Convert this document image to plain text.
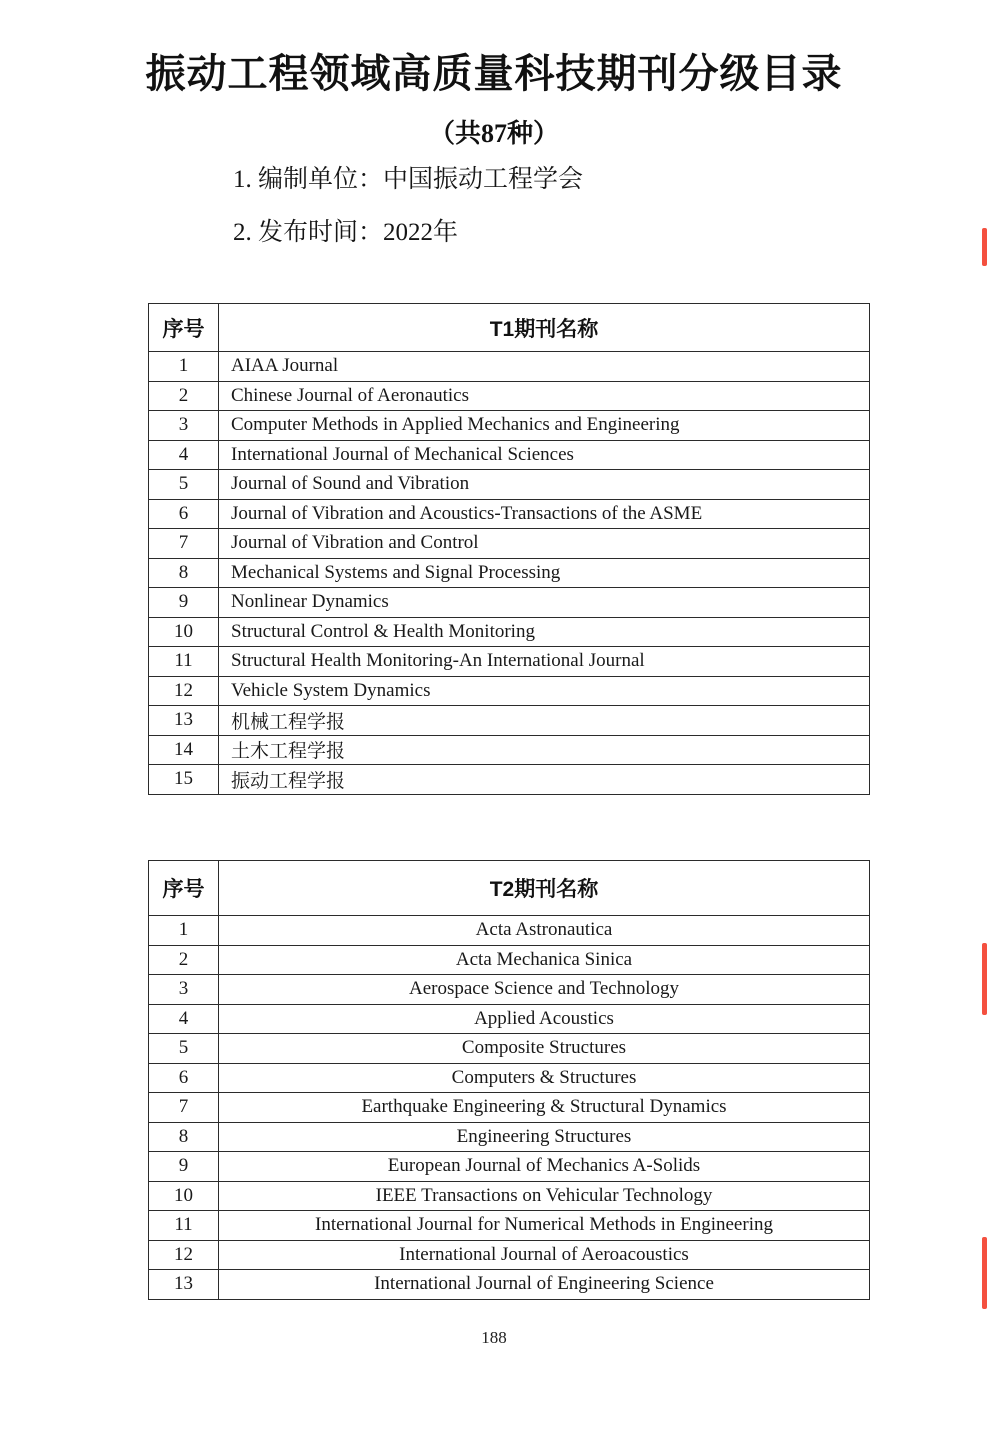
振动工程领域高质量科技期刊分级目录
（共87种）
1. 编制单位：中国振动工程学会
2. 发布时间：2022年
序号	T1期刊名称
1	AIAA Journal
2	Chinese Journal of Aeronautics
3	Computer Methods in Applied Mechanics and Engineering
4	International Journal of Mechanical Sciences
5	Journal of Sound and Vibration
6	Journal of Vibration and Acoustics-Transactions of the ASME
7	Journal of Vibration and Control
8	Mechanical Systems and Signal Processing
9	Nonlinear Dynamics
10	Structural Control & Health Monitoring
11	Structural Health Monitoring-An International Journal
12	Vehicle System Dynamics
13	机械工程学报
14	土木工程学报
15	振动工程学报
序号	T2期刊名称
1	Acta Astronautica
2	Acta Mechanica Sinica
3	Aerospace Science and Technology
4	Applied Acoustics
5	Composite Structures
6	Computers & Structures
7	Earthquake Engineering & Structural Dynamics
8	Engineering Structures
9	European Journal of Mechanics A-Solids
10	IEEE Transactions on Vehicular Technology
11	International Journal for Numerical Methods in Engineering
12	International Journal of Aeroacoustics
13	International Journal of Engineering Science
188
